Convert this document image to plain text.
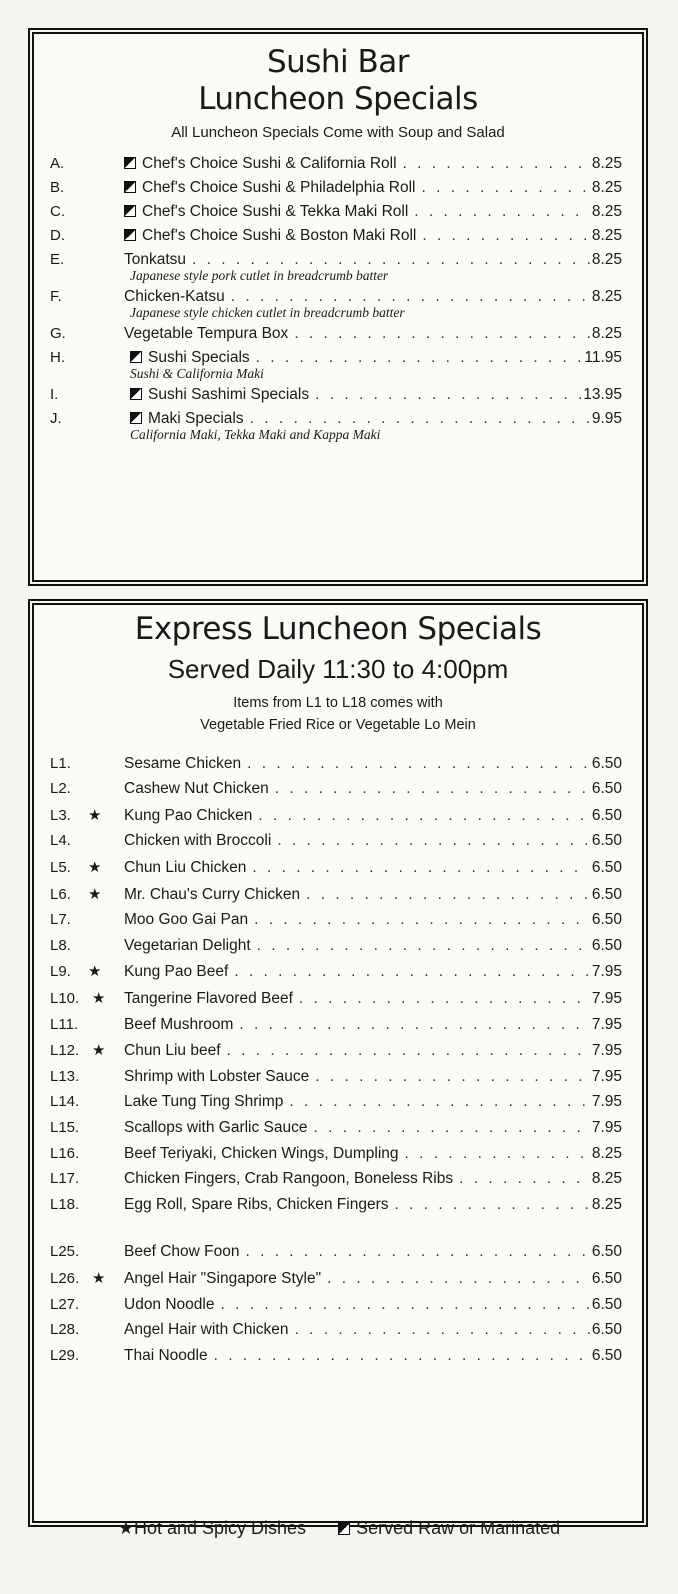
Sushi Bar
Luncheon Specials
All Luncheon Specials Come with Soup and Salad
A.	Chef's Choice Sushi & California Roll . . .	8.25
B.	Chef's Choice Sushi & Philadelphia Roll . . .	8.25
C.	Chef's Choice Sushi & Tekka Maki Roll . . .	8.25
D.	Chef's Choice Sushi & Boston Maki Roll . . .	8.25
E.	Tonkatsu . . .	8.25
Japanese style pork cutlet in breadcrumb batter
F.	Chicken-Katsu . . .	8.25
Japanese style chicken cutlet in breadcrumb batter
G.	Vegetable Tempura Box . . .	8.25
H.	Sushi Specials . . .	11.95
Sushi & California Maki
I.	Sushi Sashimi Specials . . .	13.95
J.	Maki Specials . . .	9.95
California Maki, Tekka Maki and Kappa Maki
Express Luncheon Specials
Served Daily 11:30 to 4:00pm
Items from L1 to L18 comes with
Vegetable Fried Rice or Vegetable Lo Mein
L1.	Sesame Chicken . . .	6.50
L2.	Cashew Nut Chicken . . .	6.50
L3.	★	Kung Pao Chicken . . .	6.50
L4.	Chicken with Broccoli . . .	6.50
L5.	★	Chun Liu Chicken . . .	6.50
L6.	★	Mr. Chau's Curry Chicken . . .	6.50
L7.	Moo Goo Gai Pan . . .	6.50
L8.	Vegetarian Delight . . .	6.50
L9.	★	Kung Pao Beef . . .	7.95
L10. ★	Tangerine Flavored Beef . . .	7.95
L11.	Beef Mushroom . . .	7.95
L12. ★	Chun Liu beef . . .	7.95
L13.	Shrimp with Lobster Sauce . . .	7.95
L14.	Lake Tung Ting Shrimp . . .	7.95
L15.	Scallops with Garlic Sauce . . .	7.95
L16.	Beef Teriyaki, Chicken Wings, Dumpling . . .	8.25
L17.	Chicken Fingers, Crab Rangoon, Boneless Ribs . . .	8.25
L18.	Egg Roll, Spare Ribs, Chicken Fingers . . .	8.25
L25.	Beef Chow Foon . . .	6.50
L26. ★	Angel Hair "Singapore Style" . . .	6.50
L27.	Udon Noodle . . .	6.50
L28.	Angel Hair with Chicken . . .	6.50
L29.	Thai Noodle . . .	6.50
★Hot and Spicy Dishes	Served Raw or Marinated
